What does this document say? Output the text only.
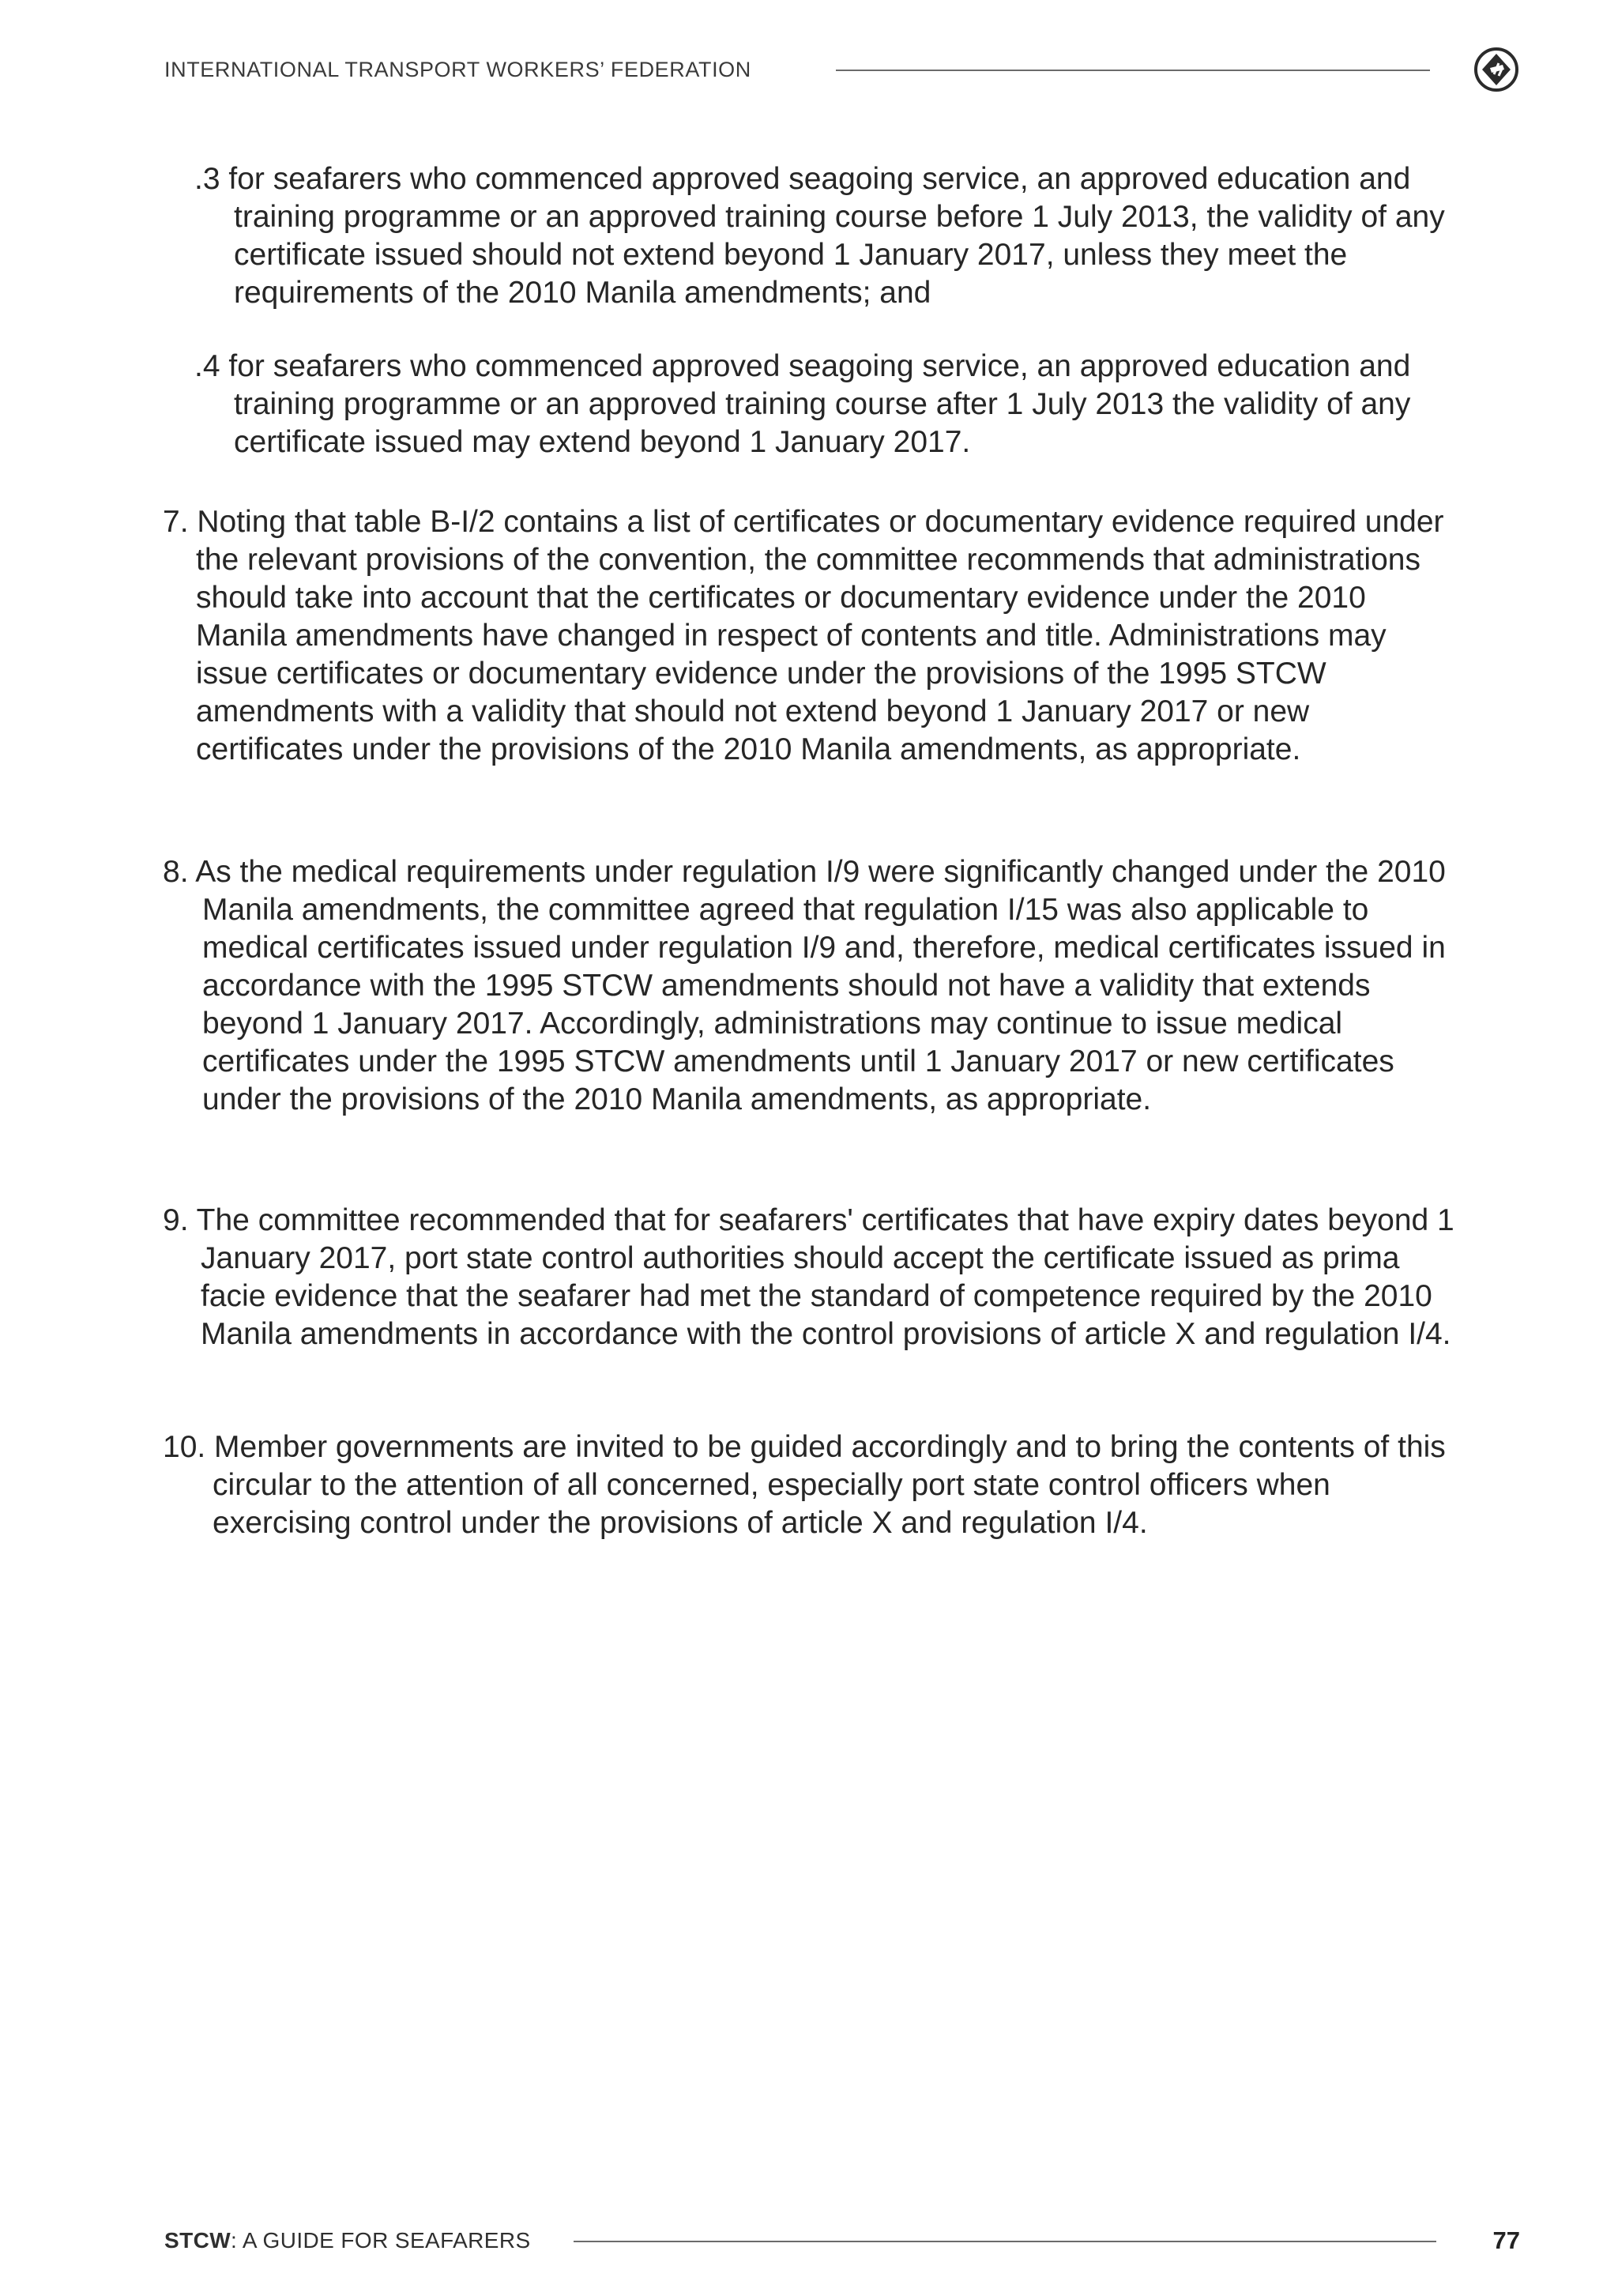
INTERNATIONAL TRANSPORT WORKERS’ FEDERATION
.3 for seafarers who commenced approved seagoing service, an approved education and training programme or an approved training course before 1 July 2013, the validity of any certificate issued should not extend beyond 1 January 2017, unless they meet the requirements of the 2010 Manila amendments; and
.4 for seafarers who commenced approved seagoing service, an approved education and training programme or an approved training course after 1 July 2013 the validity of any certificate issued may extend beyond 1 January 2017.
7. Noting that table B-I/2 contains a list of certificates or documentary evidence required under the relevant provisions of the convention, the committee recommends that administrations should take into account that the certificates or documentary evidence under the 2010 Manila amendments have changed in respect of contents and title. Administrations may issue certificates or documentary evidence under the provisions of the 1995 STCW amendments with a validity that should not extend beyond 1 January 2017 or new certificates under the provisions of the 2010 Manila amendments, as appropriate.
8. As the medical requirements under regulation I/9 were significantly changed under the 2010 Manila amendments, the committee agreed that regulation I/15 was also applicable to medical certificates issued under regulation I/9 and, therefore, medical certificates issued in accordance with the 1995 STCW amendments should not have a validity that extends beyond 1 January 2017. Accordingly, administrations may continue to issue medical certificates under the 1995 STCW amendments until 1 January 2017 or new certificates under the provisions of the 2010 Manila amendments, as appropriate.
9. The committee recommended that for seafarers' certificates that have expiry dates beyond 1 January 2017, port state control authorities should accept the certificate issued as prima facie evidence that the seafarer had met the standard of competence required by the 2010 Manila amendments in accordance with the control provisions of article X and regulation I/4.
10. Member governments are invited to be guided accordingly and to bring the contents of this circular to the attention of all concerned, especially port state control officers when exercising control under the provisions of article X and regulation I/4.
STCW: A GUIDE FOR SEAFARERS	77
